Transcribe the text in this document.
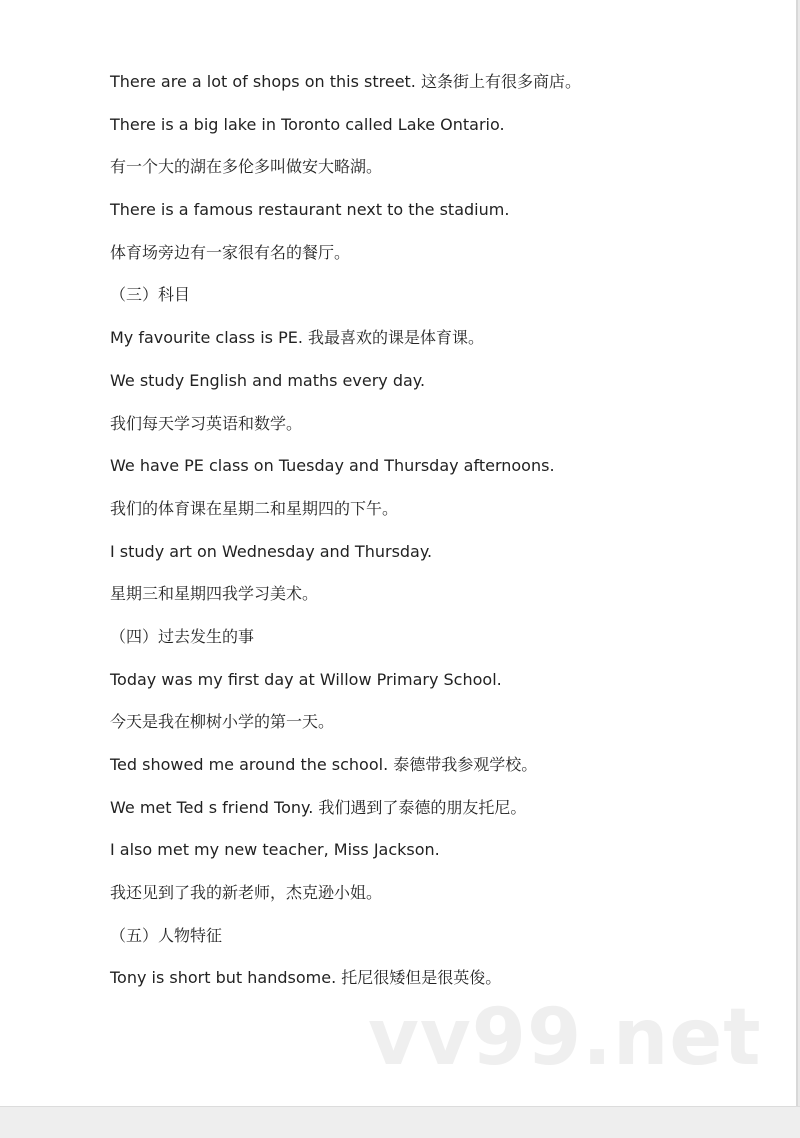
There are a lot of shops on this street. 这条街上有很多商店。
There is a big lake in Toronto called Lake Ontario.
有一个大的湖在多伦多叫做安大略湖。
There is a famous restaurant next to the stadium.
体育场旁边有一家很有名的餐厅。
（三）科目
My favourite class is PE. 我最喜欢的课是体育课。
We study English and maths every day.
我们每天学习英语和数学。
We have PE class on Tuesday and Thursday afternoons.
我们的体育课在星期二和星期四的下午。
I study art on Wednesday and Thursday.
星期三和星期四我学习美术。
（四）过去发生的事
Today was my first day at Willow Primary School.
今天是我在柳树小学的第一天。
Ted showed me around the school. 泰德带我参观学校。
We met Ted s friend Tony. 我们遇到了泰德的朋友托尼。
I also met my new teacher, Miss Jackson.
我还见到了我的新老师，杰克逊小姐。
（五）人物特征
Tony is short but handsome. 托尼很矮但是很英俊。
vv99.net
